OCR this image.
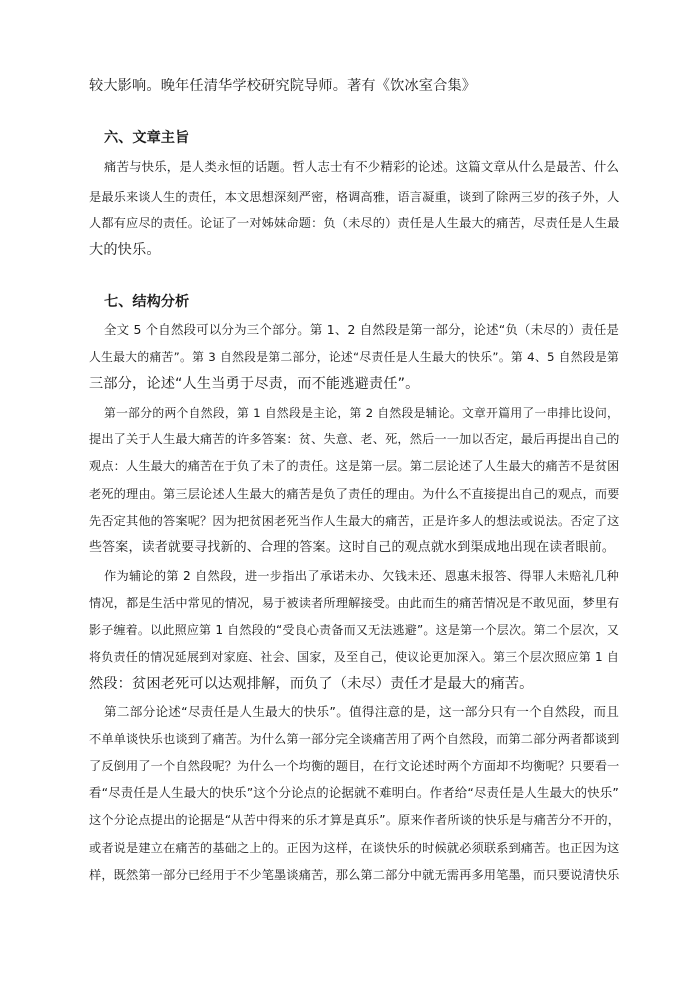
较大影响。晚年任清华学校研究院导师。著有《饮冰室合集》
六、文章主旨
痛苦与快乐，是人类永恒的话题。哲人志士有不少精彩的论述。这篇文章从什么是最苦、什么
是最乐来谈人生的责任，本文思想深刻严密，格调高雅，语言凝重，谈到了除两三岁的孩子外，人
人都有应尽的责任。论证了一对姊妹命题：负（未尽的）责任是人生最大的痛苦，尽责任是人生最
大的快乐。
七、结构分析
全文 5 个自然段可以分为三个部分。第 1、2 自然段是第一部分，论述“负（未尽的）责任是
人生最大的痛苦”。第 3 自然段是第二部分，论述“尽责任是人生最大的快乐”。第 4、5 自然段是第
三部分，论述“人生当勇于尽责，而不能逃避责任”。
第一部分的两个自然段，第 1 自然段是主论，第 2 自然段是辅论。文章开篇用了一串排比设问，
提出了关于人生最大痛苦的许多答案：贫、失意、老、死，然后一一加以否定，最后再提出自己的
观点：人生最大的痛苦在于负了未了的责任。这是第一层。第二层论述了人生最大的痛苦不是贫困
老死的理由。第三层论述人生最大的痛苦是负了责任的理由。为什么不直接提出自己的观点，而要
先否定其他的答案呢？因为把贫困老死当作人生最大的痛苦，正是许多人的想法或说法。否定了这
些答案，读者就要寻找新的、合理的答案。这时自己的观点就水到渠成地出现在读者眼前。
作为辅论的第 2 自然段，进一步指出了承诺未办、欠钱未还、恩惠未报答、得罪人未赔礼几种
情况，都是生活中常见的情况，易于被读者所理解接受。由此而生的痛苦情况是不敢见面，梦里有
影子缠着。以此照应第 1 自然段的“受良心责备而又无法逃避”。这是第一个层次。第二个层次，又
将负责任的情况延展到对家庭、社会、国家，及至自己，使议论更加深入。第三个层次照应第 1 自
然段：贫困老死可以达观排解，而负了（未尽）责任才是最大的痛苦。
第二部分论述“尽责任是人生最大的快乐”。值得注意的是，这一部分只有一个自然段，而且
不单单谈快乐也谈到了痛苦。为什么第一部分完全谈痛苦用了两个自然段，而第二部分两者都谈到
了反倒用了一个自然段呢？为什么一个均衡的题目，在行文论述时两个方面却不均衡呢？只要看一
看“尽责任是人生最大的快乐”这个分论点的论据就不难明白。作者给“尽责任是人生最大的快乐”
这个分论点提出的论据是“从苦中得来的乐才算是真乐”。原来作者所谈的快乐是与痛苦分不开的，
或者说是建立在痛苦的基础之上的。正因为这样，在谈快乐的时候就必须联系到痛苦。也正因为这
样，既然第一部分已经用于不少笔墨谈痛苦，那么第二部分中就无需再多用笔墨，而只要说清快乐
